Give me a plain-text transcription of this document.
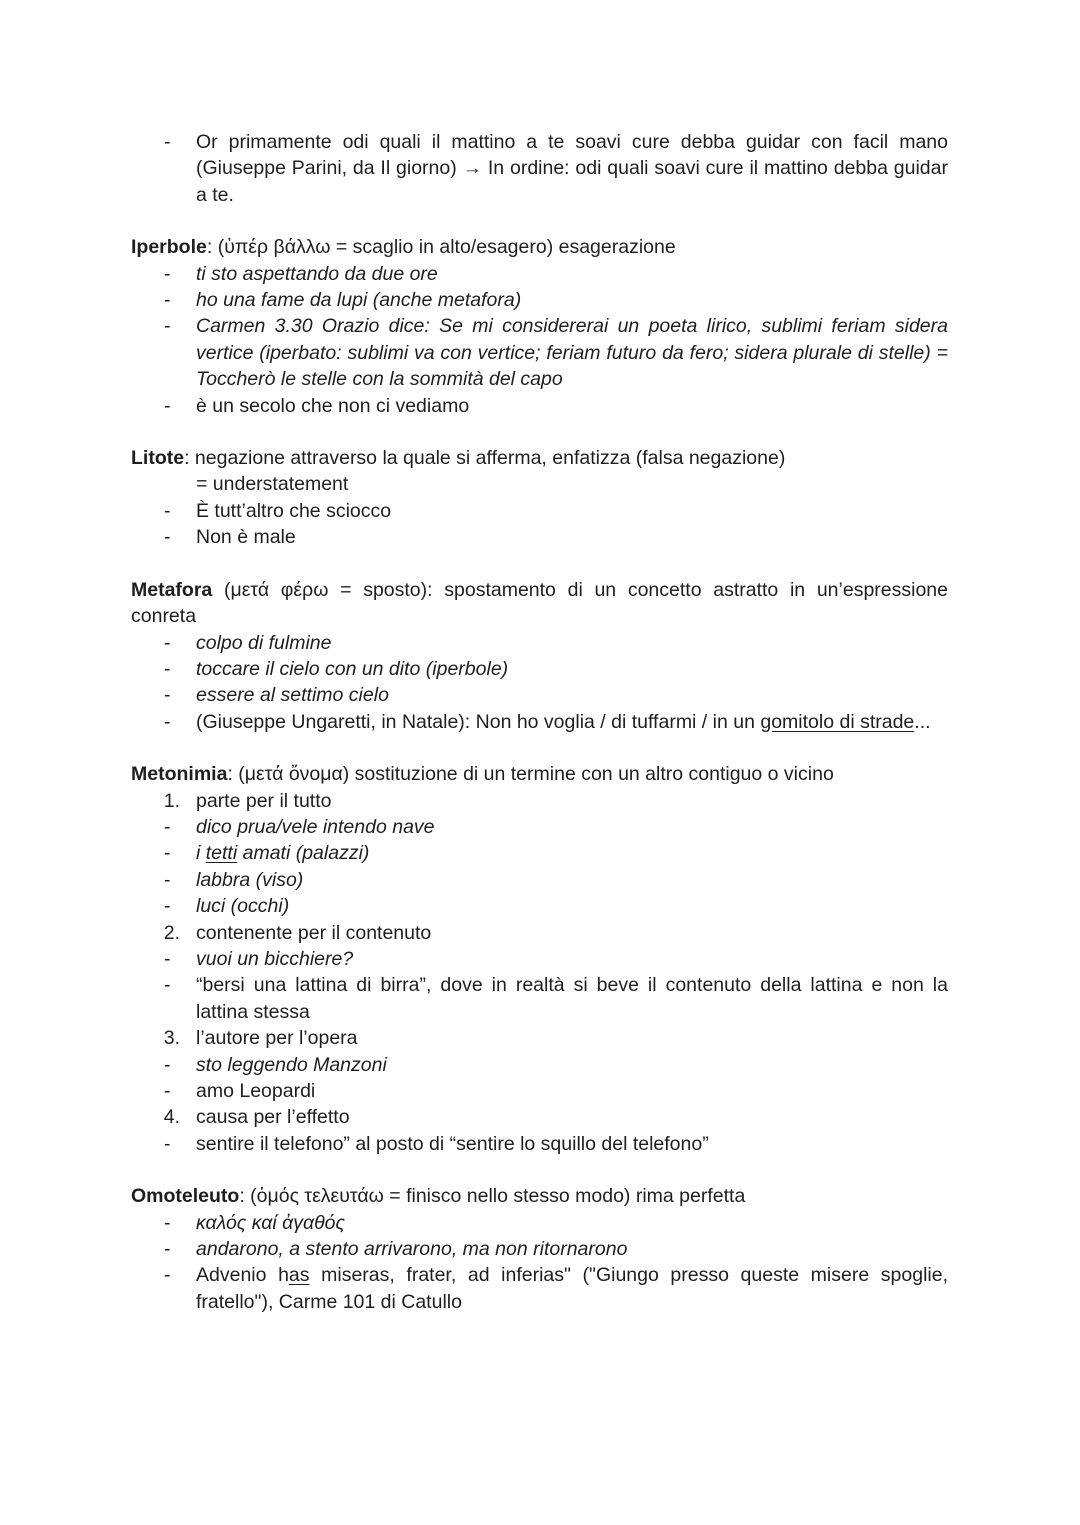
-
Or primamente odi quali il mattino a te soavi cure debba guidar con facil mano (Giuseppe Parini, da Il giorno) → In ordine: odi quali soavi cure il mattino debba guidar a te.
Iperbole: (ὑπέρ βάλλω = scaglio in alto/esagero) esagerazione
-
ti sto aspettando da due ore
-
ho una fame da lupi (anche metafora)
-
Carmen 3.30 Orazio dice: Se mi considererai un poeta lirico, sublimi feriam sidera vertice (iperbato: sublimi va con vertice; feriam futuro da fero; sidera plurale di stelle) = Toccherò le stelle con la sommità del capo
-
è un secolo che non ci vediamo
Litote: negazione attraverso la quale si afferma, enfatizza (falsa negazione)
= understatement
-
È tutt’altro che sciocco
-
Non è male
Metafora (μετά φέρω = sposto): spostamento di un concetto astratto in un’espressione conreta
-
colpo di fulmine
-
toccare il cielo con un dito (iperbole)
-
essere al settimo cielo
-
(Giuseppe Ungaretti, in Natale): Non ho voglia / di tuffarmi / in un gomitolo di strade...
Metonimia: (μετά ὄνομα) sostituzione di un termine con un altro contiguo o vicino
1. parte per il tutto
-
dico prua/vele intendo nave
-
i tetti amati (palazzi)
-
labbra (viso)
-
luci (occhi)
2. contenente per il contenuto
-
vuoi un bicchiere?
-
“bersi una lattina di birra”, dove in realtà si beve il contenuto della lattina e non la lattina stessa
3. l’autore per l’opera
-
sto leggendo Manzoni
-
amo Leopardi
4. causa per l’effetto
-
sentire il telefono” al posto di “sentire lo squillo del telefono”
Omoteleuto: (ὁμός τελευτάω = finisco nello stesso modo) rima perfetta
-
καλός καί ἀγαθός
-
andarono, a stento arrivarono, ma non ritornarono
-
Advenio has miseras, frater, ad inferias" ("Giungo presso queste misere spoglie, fratello"), Carme 101 di Catullo
